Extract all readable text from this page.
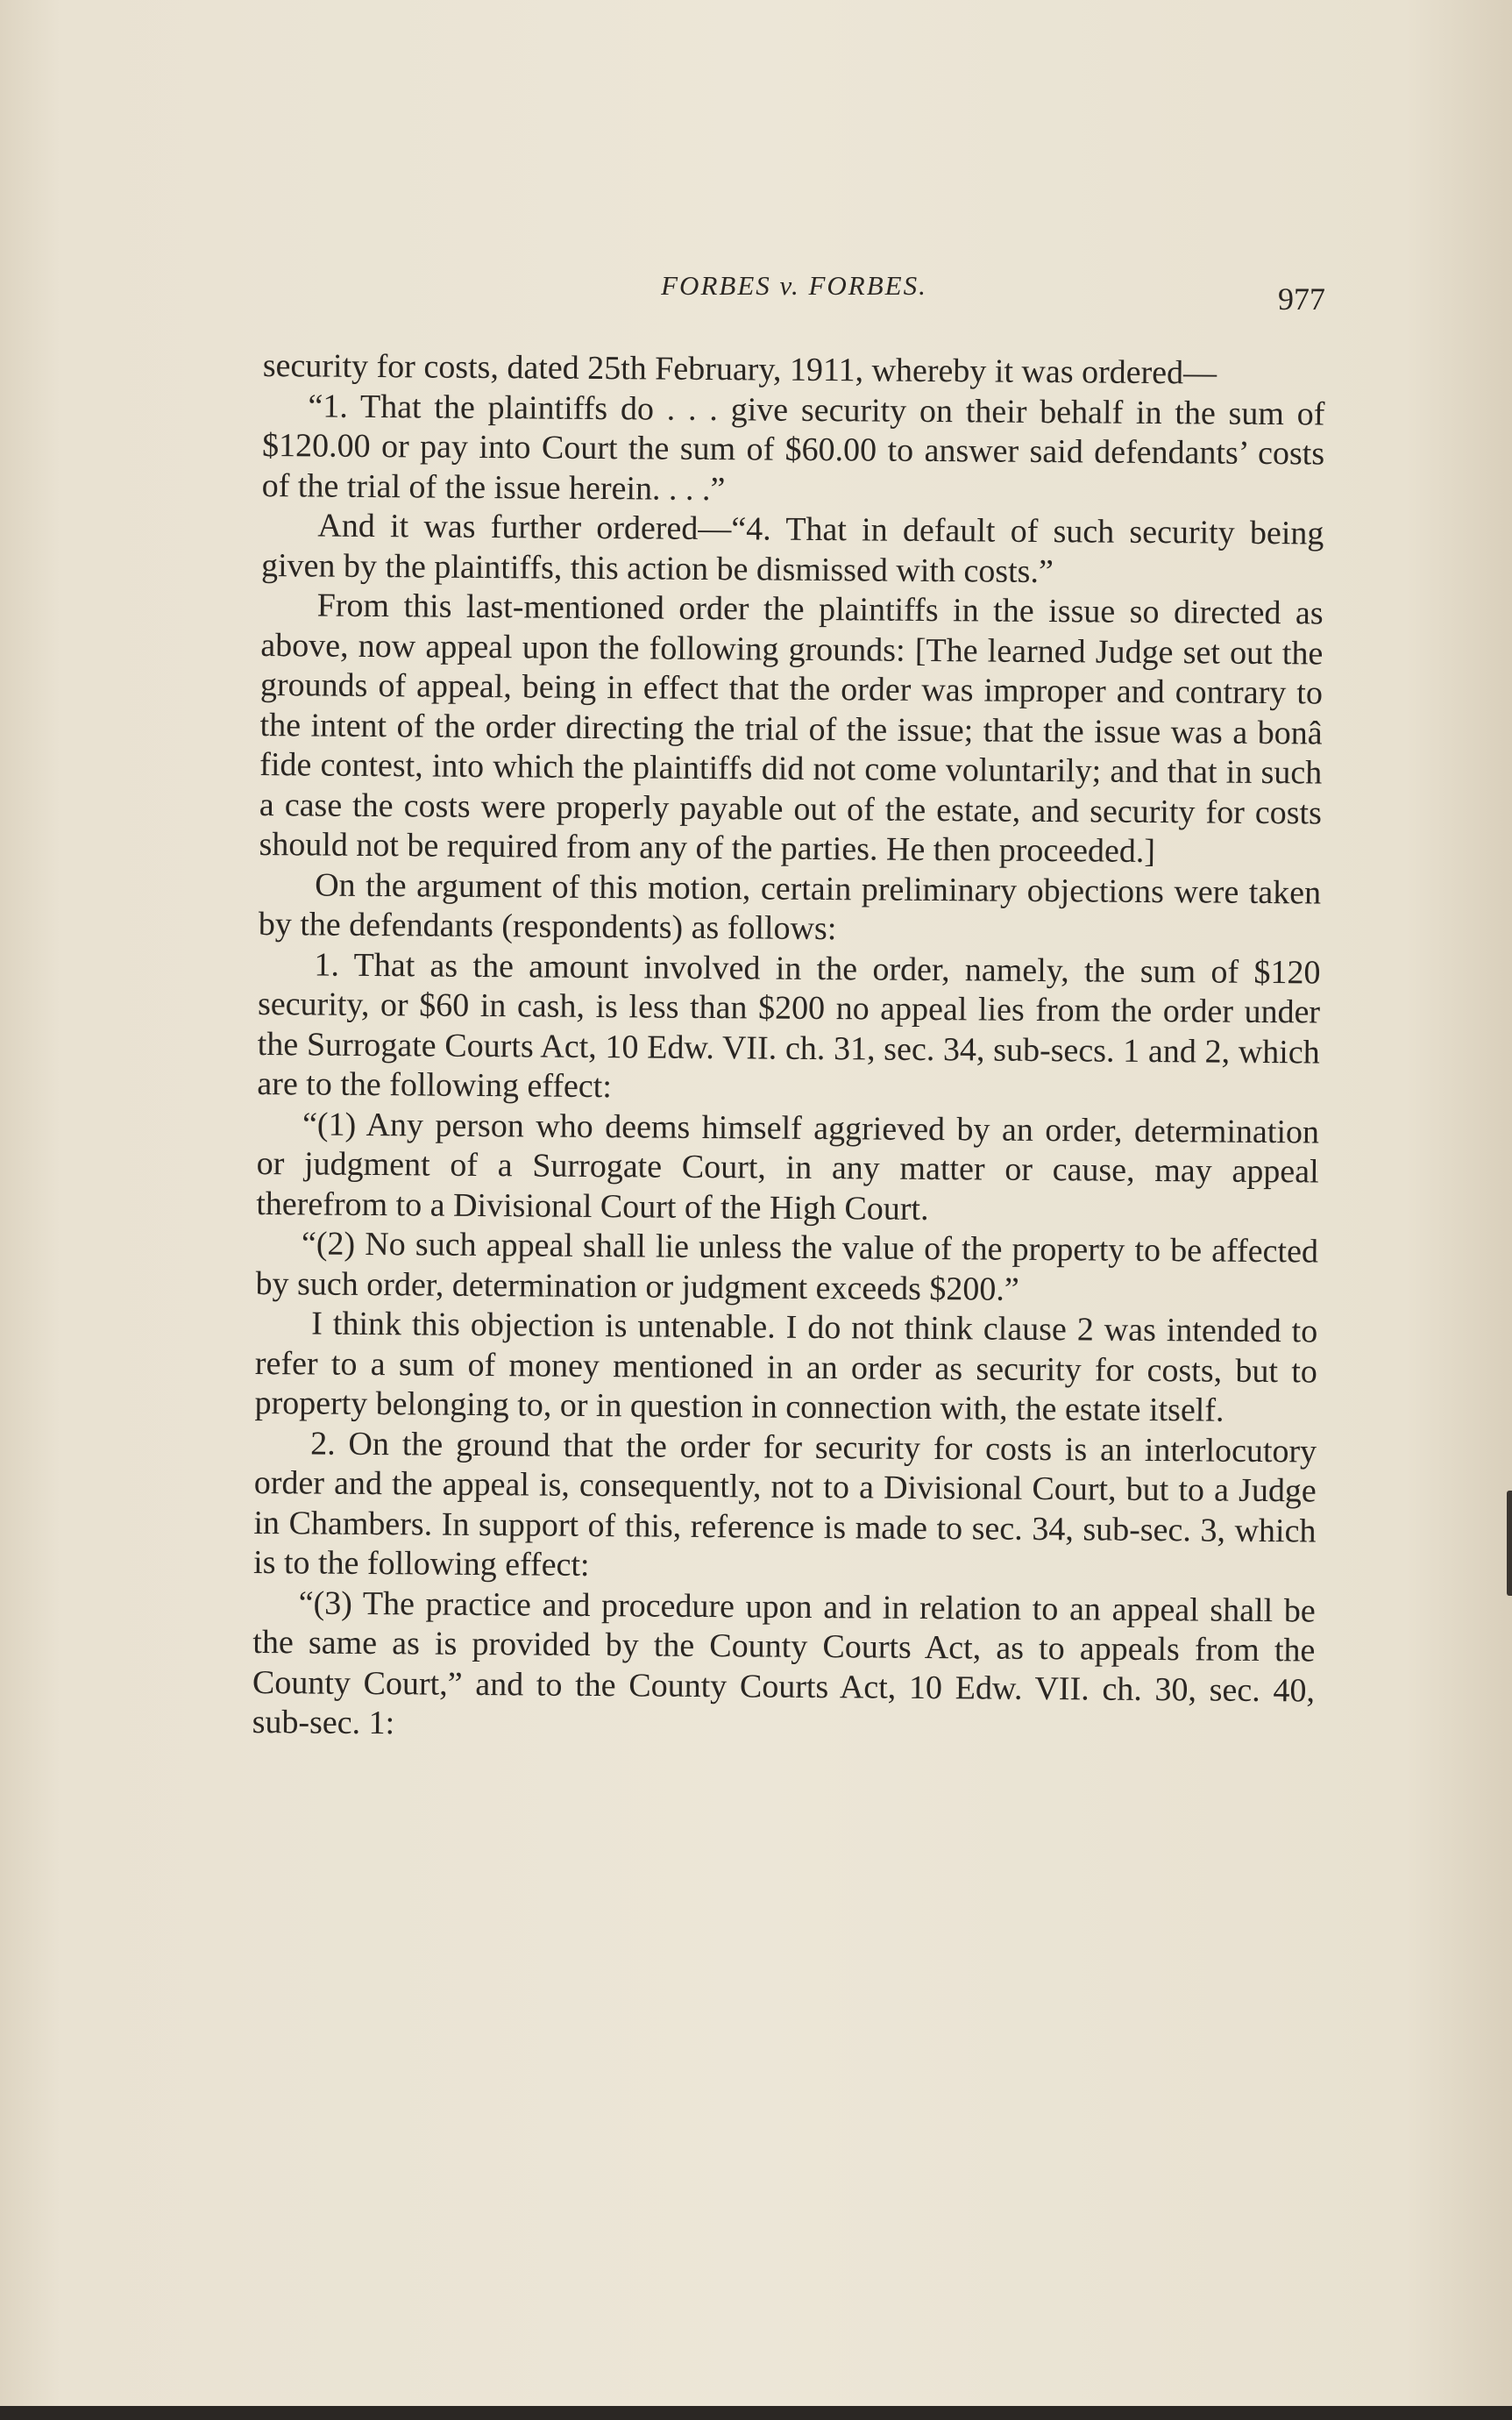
FORBES v. FORBES.	977

security for costs, dated 25th February, 1911, whereby it was ordered—

“1. That the plaintiffs do . . . give security on their behalf in the sum of $120.00 or pay into Court the sum of $60.00 to answer said defendants’ costs of the trial of the issue herein. . . .”

And it was further ordered—“4. That in default of such security being given by the plaintiffs, this action be dismissed with costs.”

From this last-mentioned order the plaintiffs in the issue so directed as above, now appeal upon the following grounds: [The learned Judge set out the grounds of appeal, being in effect that the order was improper and contrary to the intent of the order directing the trial of the issue; that the issue was a bonâ fide contest, into which the plaintiffs did not come voluntarily; and that in such a case the costs were properly payable out of the estate, and security for costs should not be required from any of the parties. He then proceeded.]

On the argument of this motion, certain preliminary objections were taken by the defendants (respondents) as follows:

1. That as the amount involved in the order, namely, the sum of $120 security, or $60 in cash, is less than $200 no appeal lies from the order under the Surrogate Courts Act, 10 Edw. VII. ch. 31, sec. 34, sub-secs. 1 and 2, which are to the following effect:

“(1) Any person who deems himself aggrieved by an order, determination or judgment of a Surrogate Court, in any matter or cause, may appeal therefrom to a Divisional Court of the High Court.

“(2) No such appeal shall lie unless the value of the property to be affected by such order, determination or judgment exceeds $200.”

I think this objection is untenable. I do not think clause 2 was intended to refer to a sum of money mentioned in an order as security for costs, but to property belonging to, or in question in connection with, the estate itself.

2. On the ground that the order for security for costs is an interlocutory order and the appeal is, consequently, not to a Divisional Court, but to a Judge in Chambers. In support of this, reference is made to sec. 34, sub-sec. 3, which is to the following effect:

“(3) The practice and procedure upon and in relation to an appeal shall be the same as is provided by the County Courts Act, as to appeals from the County Court,” and to the County Courts Act, 10 Edw. VII. ch. 30, sec. 40, sub-sec. 1:
